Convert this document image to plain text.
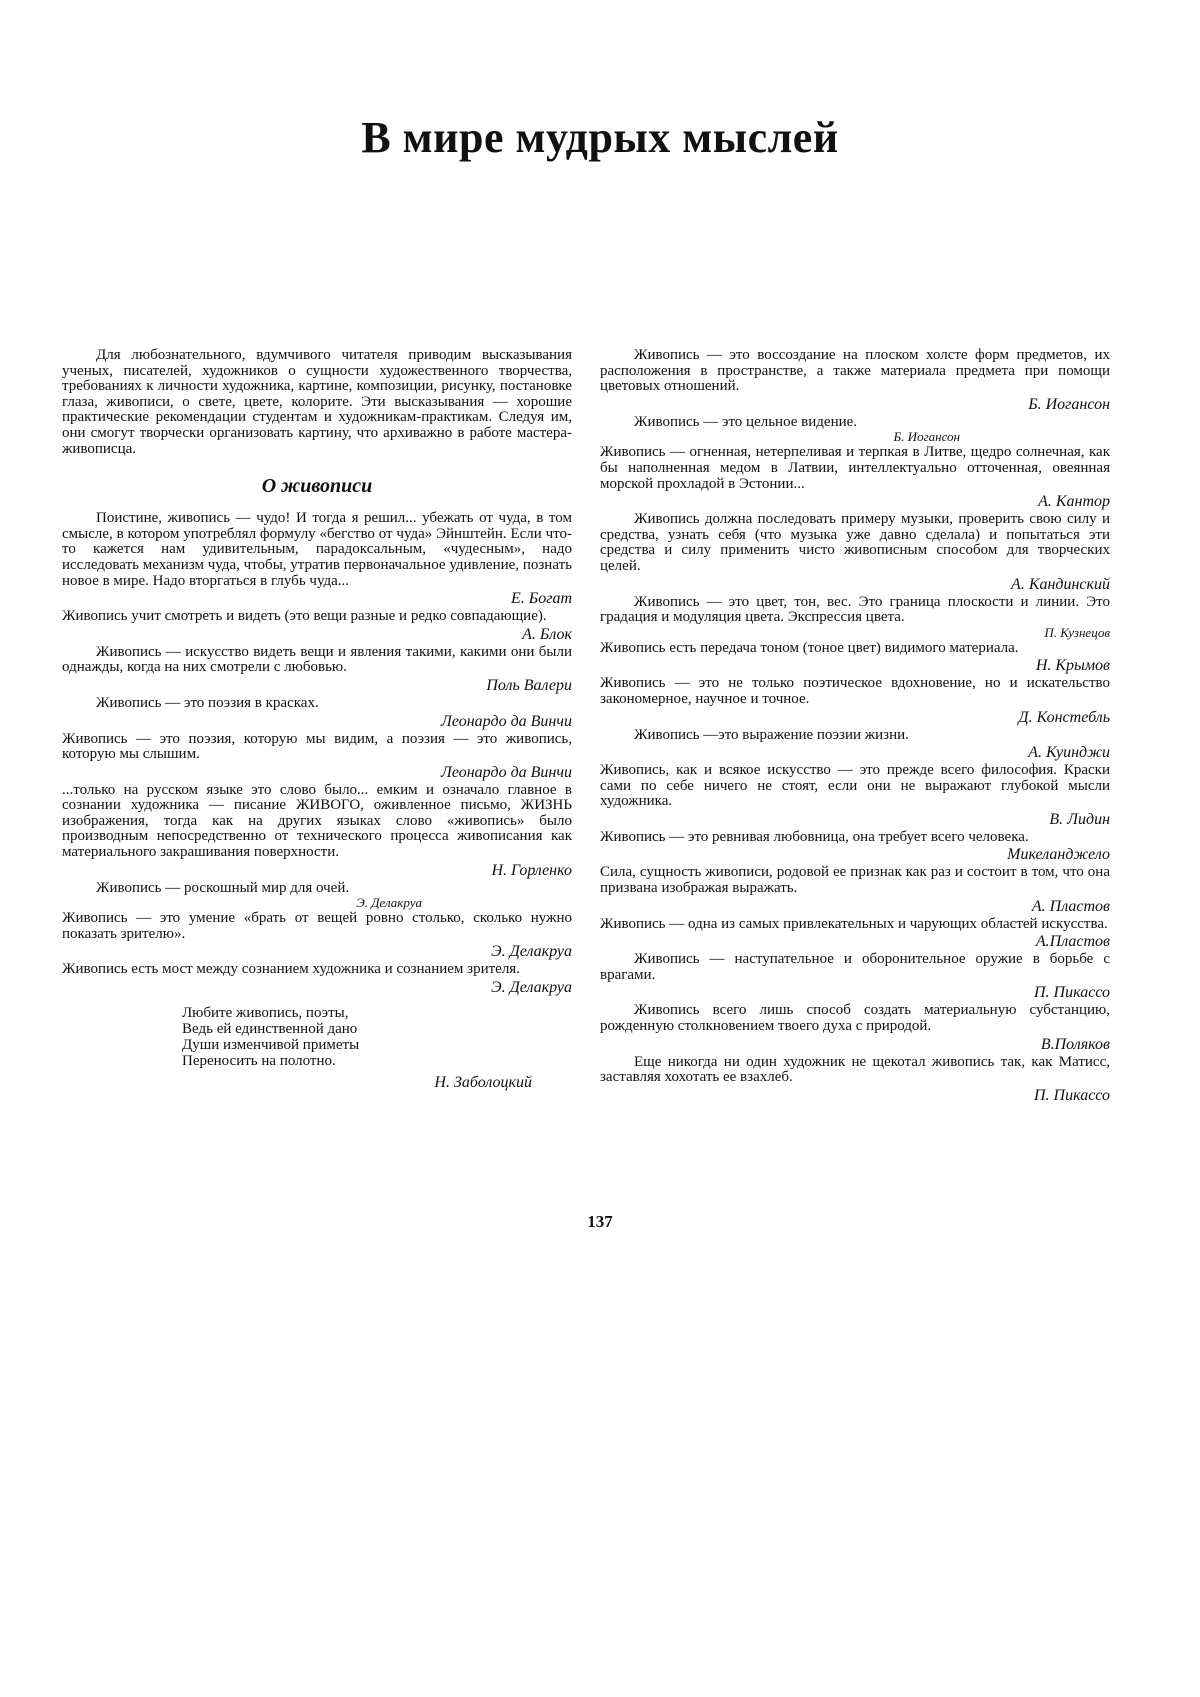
В мире мудрых мыслей

Для любознательного, вдумчивого читателя приводим высказывания ученых, писателей, художников о сущности художественного творчества, требованиях к личности художника, картине, композиции, рисунку, постановке глаза, живописи, о свете, цвете, колорите. Эти высказывания — хорошие практические рекомендации студентам и художникам-практикам. Следуя им, они смогут творчески организовать картину, что архиважно в работе мастера-живописца.

О живописи

Поистине, живопись — чудо! И тогда я решил... убежать от чуда, в том смысле, в котором употреблял формулу «бегство от чуда» Эйнштейн. Если что-то кажется нам удивительным, парадоксальным, «чудесным», надо исследовать механизм чуда, чтобы, утратив первоначальное удивление, познать новое в мире. Надо вторгаться в глубь чуда...

Е. Богат

Живопись учит смотреть и видеть (это вещи разные и редко совпадающие).

А. Блок

Живопись — искусство видеть вещи и явления такими, какими они были однажды, когда на них смотрели с любовью.

Поль Валери

Живопись — это поэзия в красках.

Леонардо да Винчи

Живопись — это поэзия, которую мы видим, а поэзия — это живопись, которую мы слышим.

Леонардо да Винчи

...только на русском языке это слово было... емким и означало главное в сознании художника — писание ЖИВОГО, оживленное письмо, ЖИЗНЬ изображения, тогда как на других языках слово «живопись» было производным непосредственно от технического процесса живописания как материального закрашивания поверхности.

Н. Горленко

Живопись — роскошный мир для очей.

Э. Делакруа

Живопись — это умение «брать от вещей ровно столько, сколько нужно показать зрителю».

Э. Делакруа

Живопись есть мост между сознанием художника и сознанием зрителя.

Э. Делакруа
Любите живопись, поэты,
Ведь ей единственной дано
Души изменчивой приметы
Переносить на полотно.
Н. Заболоцкий

Живопись — это воссоздание на плоском холсте форм предметов, их расположения в пространстве, а также материала предмета при помощи цветовых отношений.

Б. Иогансон

Живопись — это цельное видение.

Б. Иогансон

Живопись — огненная, нетерпеливая и терпкая в Литве, щедро солнечная, как бы наполненная медом в Латвии, интеллектуально отточенная, овеянная морской прохладой в Эстонии...

А. Кантор

Живопись должна последовать примеру музыки, проверить свою силу и средства, узнать себя (что музыка уже давно сделала) и попытаться эти средства и силу применить чисто живописным способом для творческих целей.

А. Кандинский

Живопись — это цвет, тон, вес. Это граница плоскости и линии. Это градация и модуляция цвета. Экспрессия цвета.

П. Кузнецов

Живопись есть передача тоном (тоное цвет) видимого материала.

Н. Крымов

Живопись — это не только поэтическое вдохновение, но и искательство закономерное, научное и точное.

Д. Констебль

Живопись —это выражение поэзии жизни.

А. Куинджи

Живопись, как и всякое искусство — это прежде всего философия. Краски сами по себе ничего не стоят, если они не выражают глубокой мысли художника.

В. Лидин

Живопись — это ревнивая любовница, она требует всего человека.

Микеланджело

Сила, сущность живописи, родовой ее признак как раз и состоит в том, что она призвана изображая выражать.

А. Пластов

Живопись — одна из самых привлекательных и чарующих областей искусства.

А.Пластов

Живопись — наступательное и оборонительное оружие в борьбе с врагами.

П. Пикассо

Живопись всего лишь способ создать материальную субстанцию, рожденную столкновением твоего духа с природой.

В.Поляков

Еще никогда ни один художник не щекотал живопись так, как Матисс, заставляя хохотать ее взахлеб.

П. Пикассо
137
